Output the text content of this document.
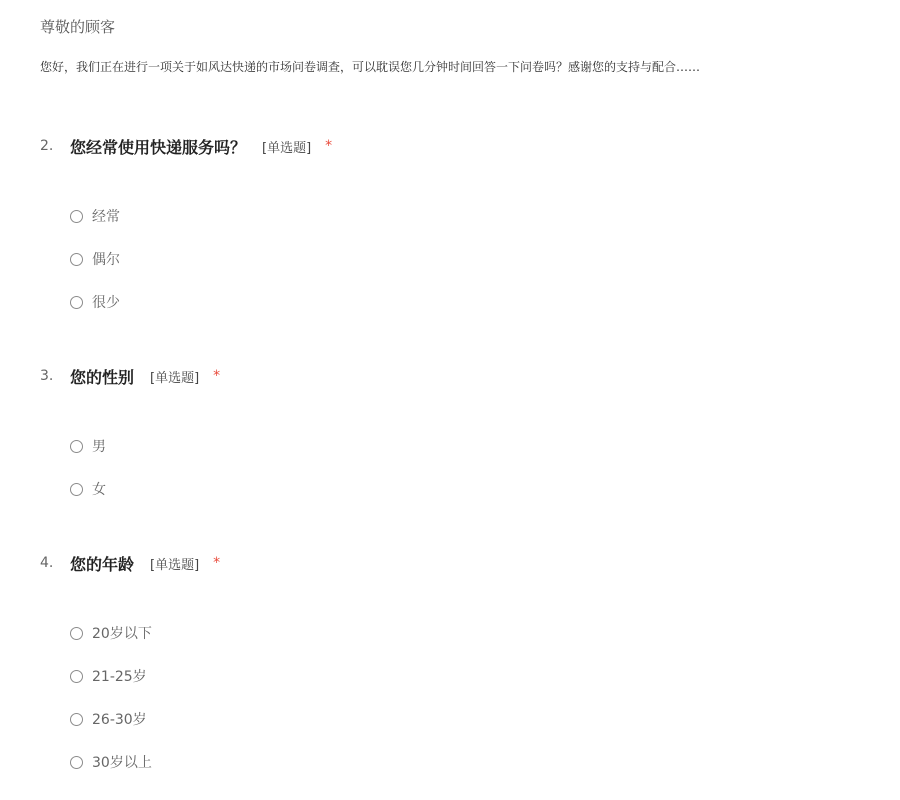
尊敬的顾客
您好，我们正在进行一项关于如风达快递的市场问卷调查，可以耽误您几分钟时间回答一下问卷吗？感谢您的支持与配合……
2.	您经常使用快递服务吗？ [单选题] *
经常
偶尔
很少
3.	您的性别 [单选题] *
男
女
4.	您的年龄 [单选题] *
20岁以下
21-25岁
26-30岁
30岁以上
